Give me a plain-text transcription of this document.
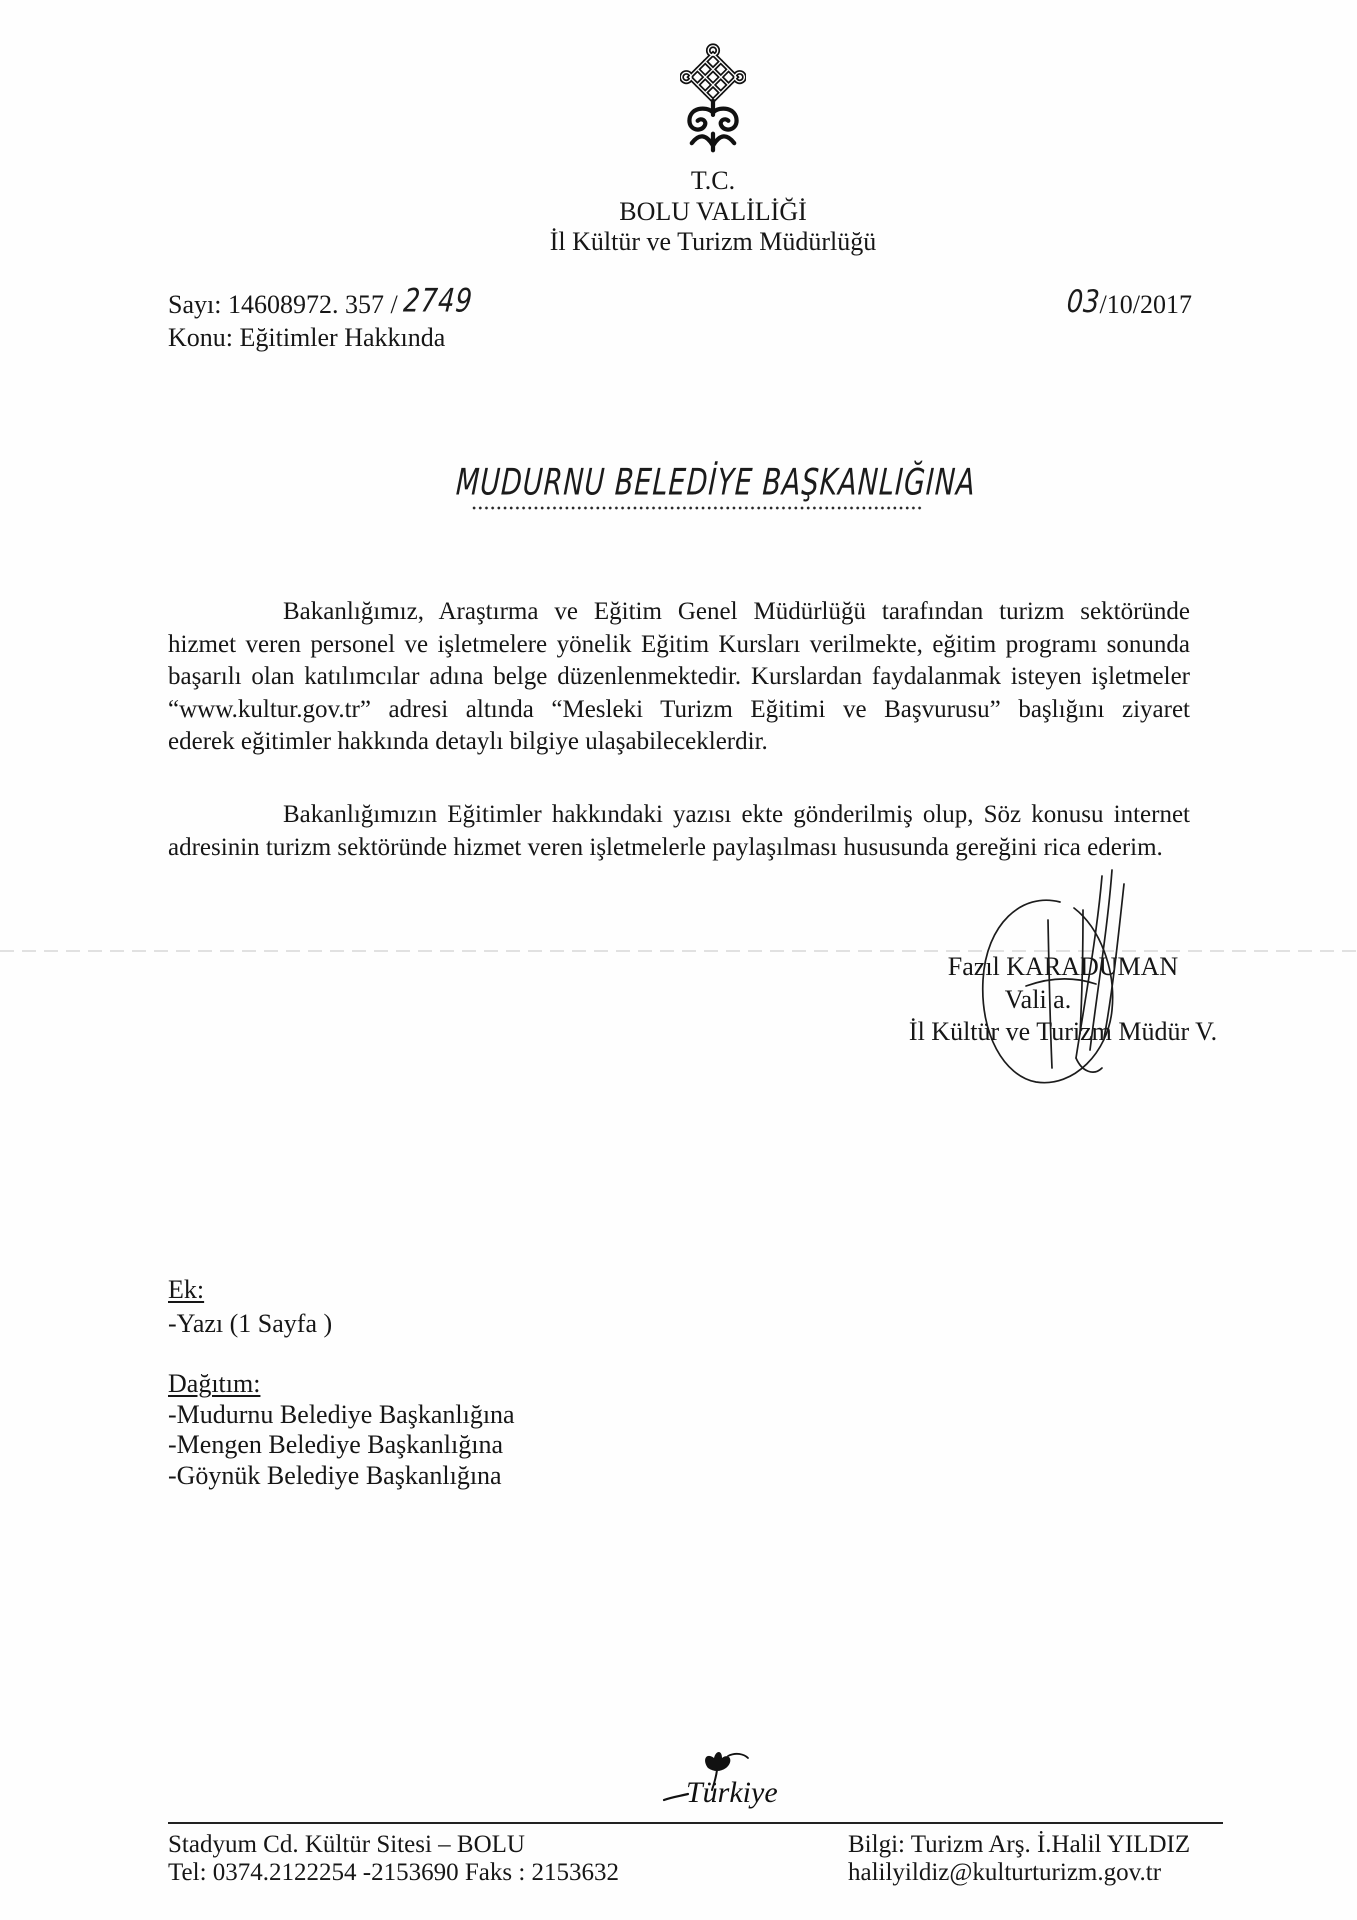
T.C.
BOLU VALİLİĞİ
İl Kültür ve Turizm Müdürlüğü
Sayı: 14608972. 357 / 2749
Konu: Eğitimler Hakkında
03/10/2017
MUDURNU BELEDİYE BAŞKANLIĞINA
Bakanlığımız, Araştırma ve Eğitim Genel Müdürlüğü tarafından turizm sektöründe
hizmet veren personel ve işletmelere yönelik Eğitim Kursları verilmekte, eğitim programı sonunda
başarılı olan katılımcılar adına belge düzenlenmektedir. Kurslardan faydalanmak isteyen işletmeler
“www.kultur.gov.tr” adresi altında “Mesleki Turizm Eğitimi ve Başvurusu” başlığını ziyaret
ederek eğitimler hakkında detaylı bilgiye ulaşabileceklerdir.
Bakanlığımızın Eğitimler hakkındaki yazısı ekte gönderilmiş olup, Söz konusu internet
adresinin turizm sektöründe hizmet veren işletmelerle paylaşılması hususunda gereğini rica ederim.
Fazıl KARADUMAN
Vali a.
İl Kültür ve Turizm Müdür V.
Ek:
-Yazı (1 Sayfa )
Dağıtım:
-Mudurnu Belediye Başkanlığına
-Mengen Belediye Başkanlığına
-Göynük Belediye Başkanlığına
Türkiye
Stadyum Cd. Kültür Sitesi – BOLU
Tel: 0374.2122254 -2153690 Faks : 2153632
Bilgi: Turizm Arş. İ.Halil YILDIZ
halilyildiz@kulturturizm.gov.tr
